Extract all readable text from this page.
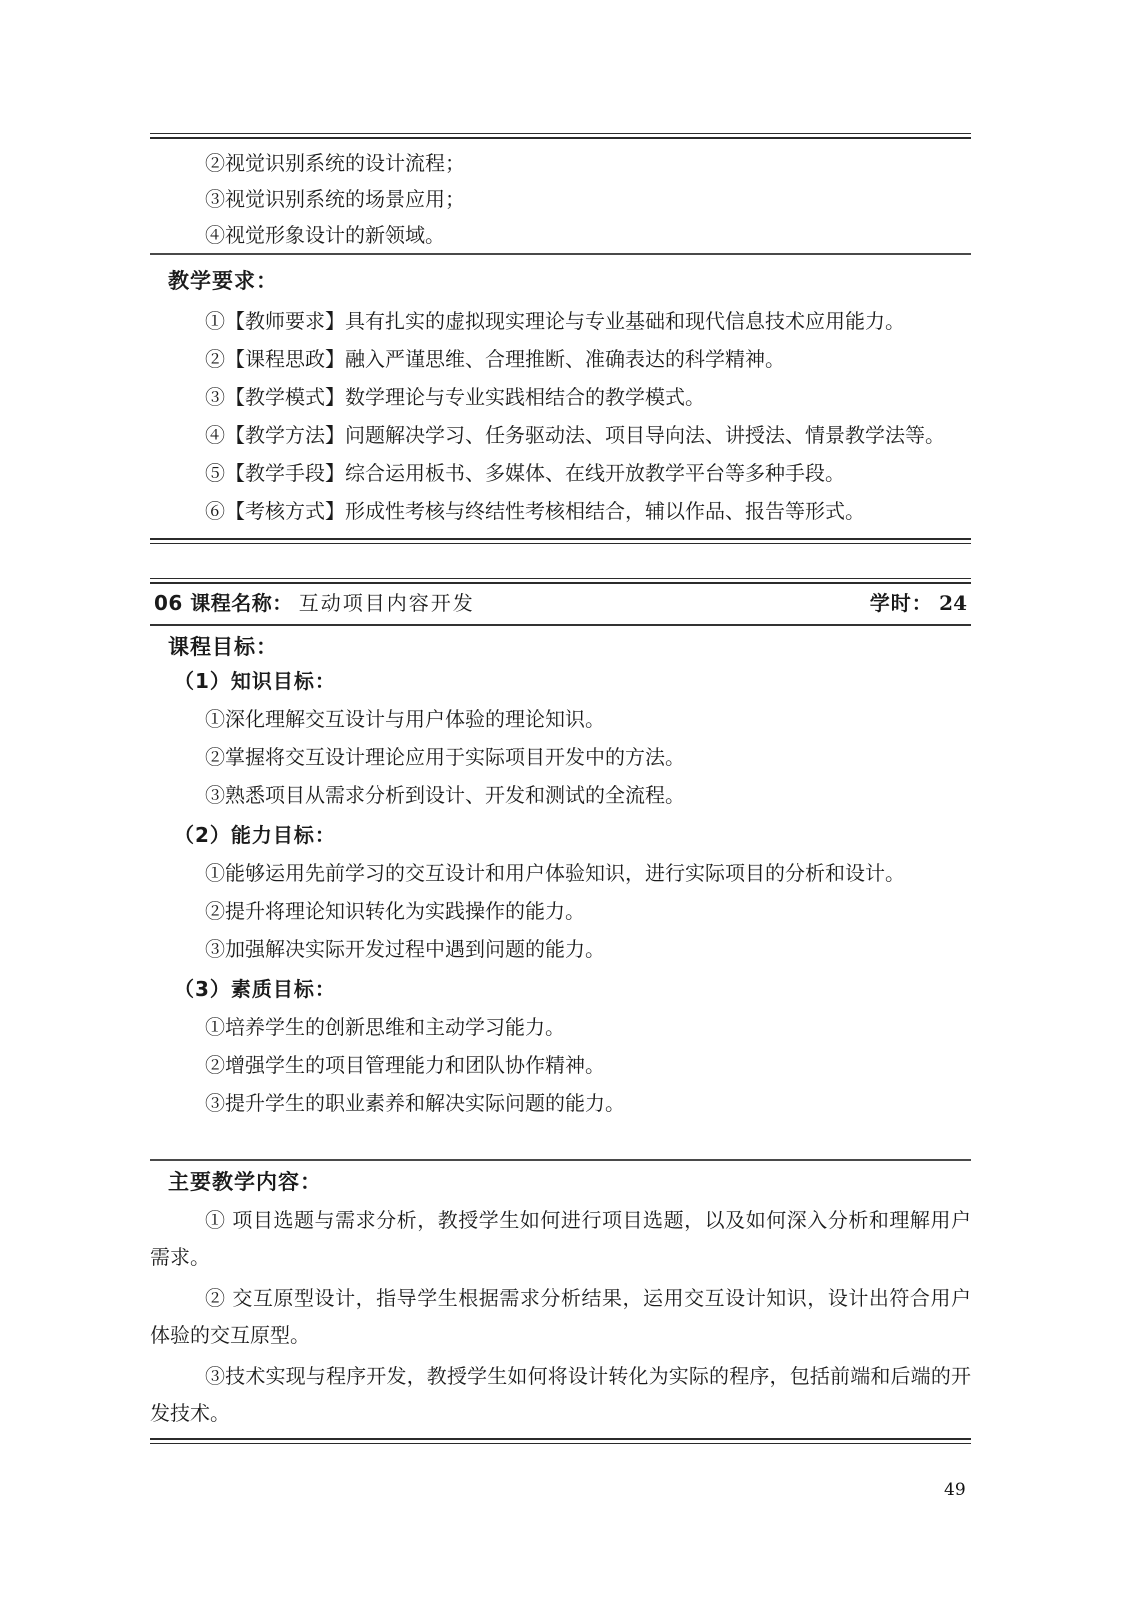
②视觉识别系统的设计流程；
③视觉识别系统的场景应用；
④视觉形象设计的新领域。
教学要求：
①【教师要求】具有扎实的虚拟现实理论与专业基础和现代信息技术应用能力。
②【课程思政】融入严谨思维、合理推断、准确表达的科学精神。
③【教学模式】数学理论与专业实践相结合的教学模式。
④【教学方法】问题解决学习、任务驱动法、项目导向法、讲授法、情景教学法等。
⑤【教学手段】综合运用板书、多媒体、在线开放教学平台等多种手段。
⑥【考核方式】形成性考核与终结性考核相结合，辅以作品、报告等形式。
06 课程名称： 互动项目内容开发	学时： 24
课程目标：
（1）知识目标：
①深化理解交互设计与用户体验的理论知识。
②掌握将交互设计理论应用于实际项目开发中的方法。
③熟悉项目从需求分析到设计、开发和测试的全流程。
（2）能力目标：
①能够运用先前学习的交互设计和用户体验知识，进行实际项目的分析和设计。
②提升将理论知识转化为实践操作的能力。
③加强解决实际开发过程中遇到问题的能力。
（3）素质目标：
①培养学生的创新思维和主动学习能力。
②增强学生的项目管理能力和团队协作精神。
③提升学生的职业素养和解决实际问题的能力。
主要教学内容：
① 项目选题与需求分析，教授学生如何进行项目选题，以及如何深入分析和理解用户需求。
② 交互原型设计，指导学生根据需求分析结果，运用交互设计知识，设计出符合用户体验的交互原型。
③技术实现与程序开发，教授学生如何将设计转化为实际的程序，包括前端和后端的开发技术。
49
